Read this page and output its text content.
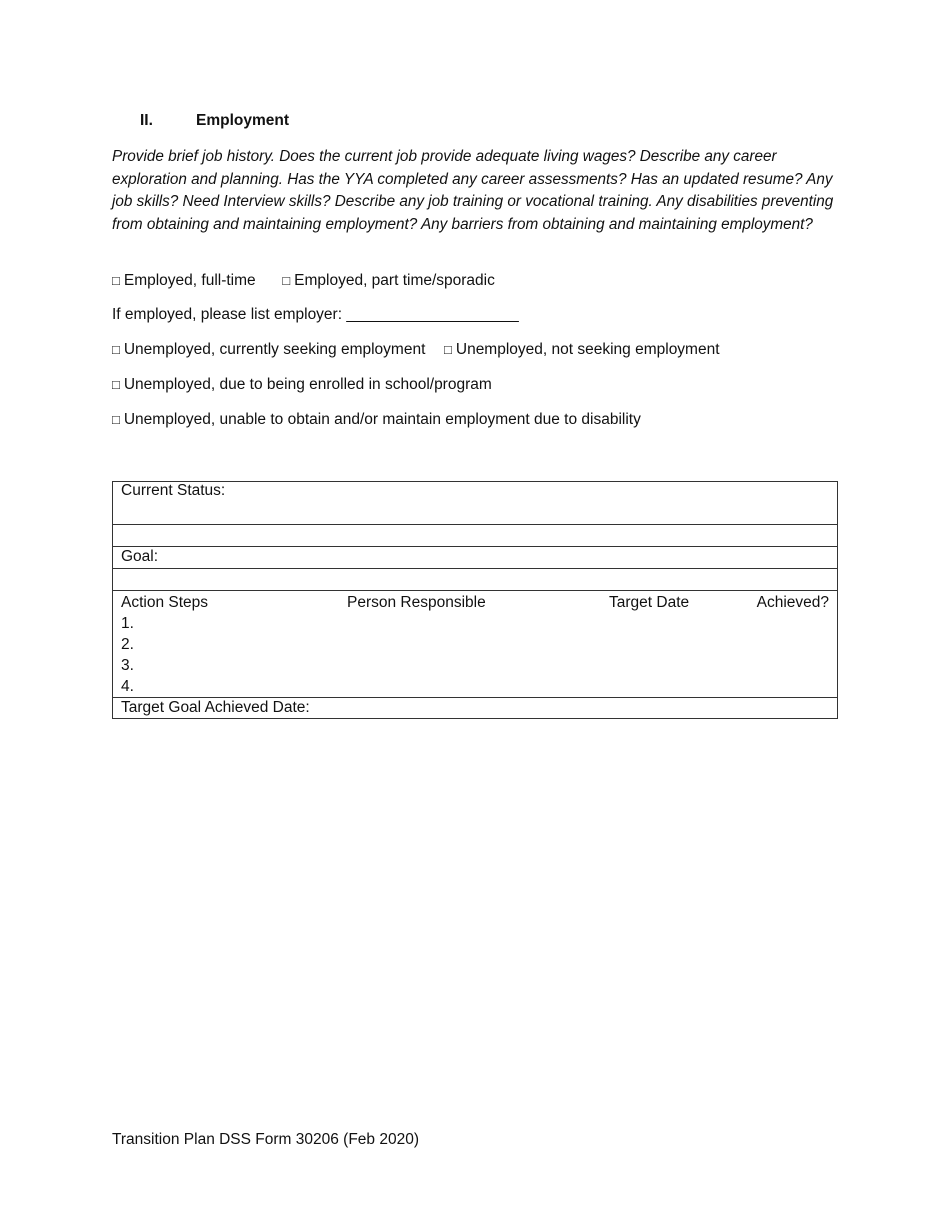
II.	Employment
Provide brief job history. Does the current job provide adequate living wages? Describe any career exploration and planning. Has the YYA completed any career assessments? Has an updated resume? Any job skills? Need Interview skills? Describe any job training or vocational training. Any disabilities preventing from obtaining and maintaining employment? Any barriers from obtaining and maintaining employment?
□ Employed, full-time □ Employed, part time/sporadic
If employed, please list employer: ____________________
□ Unemployed, currently seeking employment □ Unemployed, not seeking employment
□ Unemployed, due to being enrolled in school/program
□ Unemployed, unable to obtain and/or maintain employment due to disability
Current Status:

Goal:

Action Steps	Person Responsible	Target Date	Achieved?
1.
2.
3.
4.

Target Goal Achieved Date:
Transition Plan DSS Form 30206 (Feb 2020)
